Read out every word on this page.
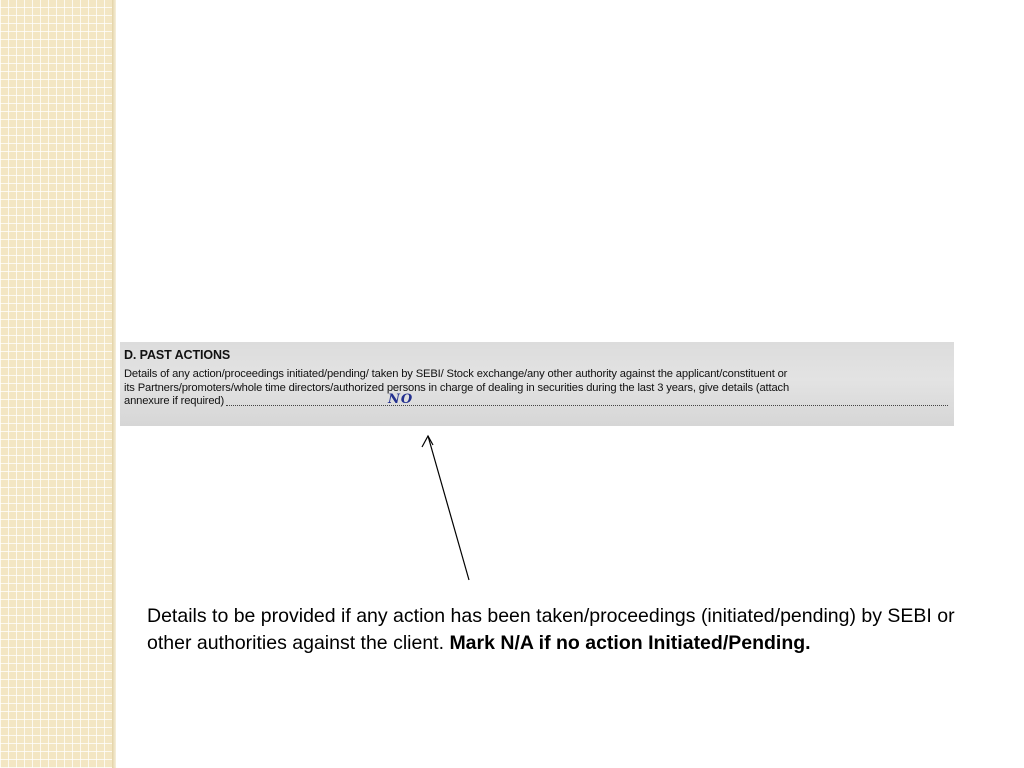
D. PAST ACTIONS
Details of any action/proceedings initiated/pending/ taken by SEBI/ Stock exchange/any other authority against the applicant/constituent or
its Partners/promoters/whole time directors/authorized persons in charge of dealing in securities during the last 3 years, give details (attach
annexure if required)	NO
Details to be provided if any action has been taken/proceedings (initiated/pending) by SEBI or other authorities against the client. Mark N/A if no action Initiated/Pending.
